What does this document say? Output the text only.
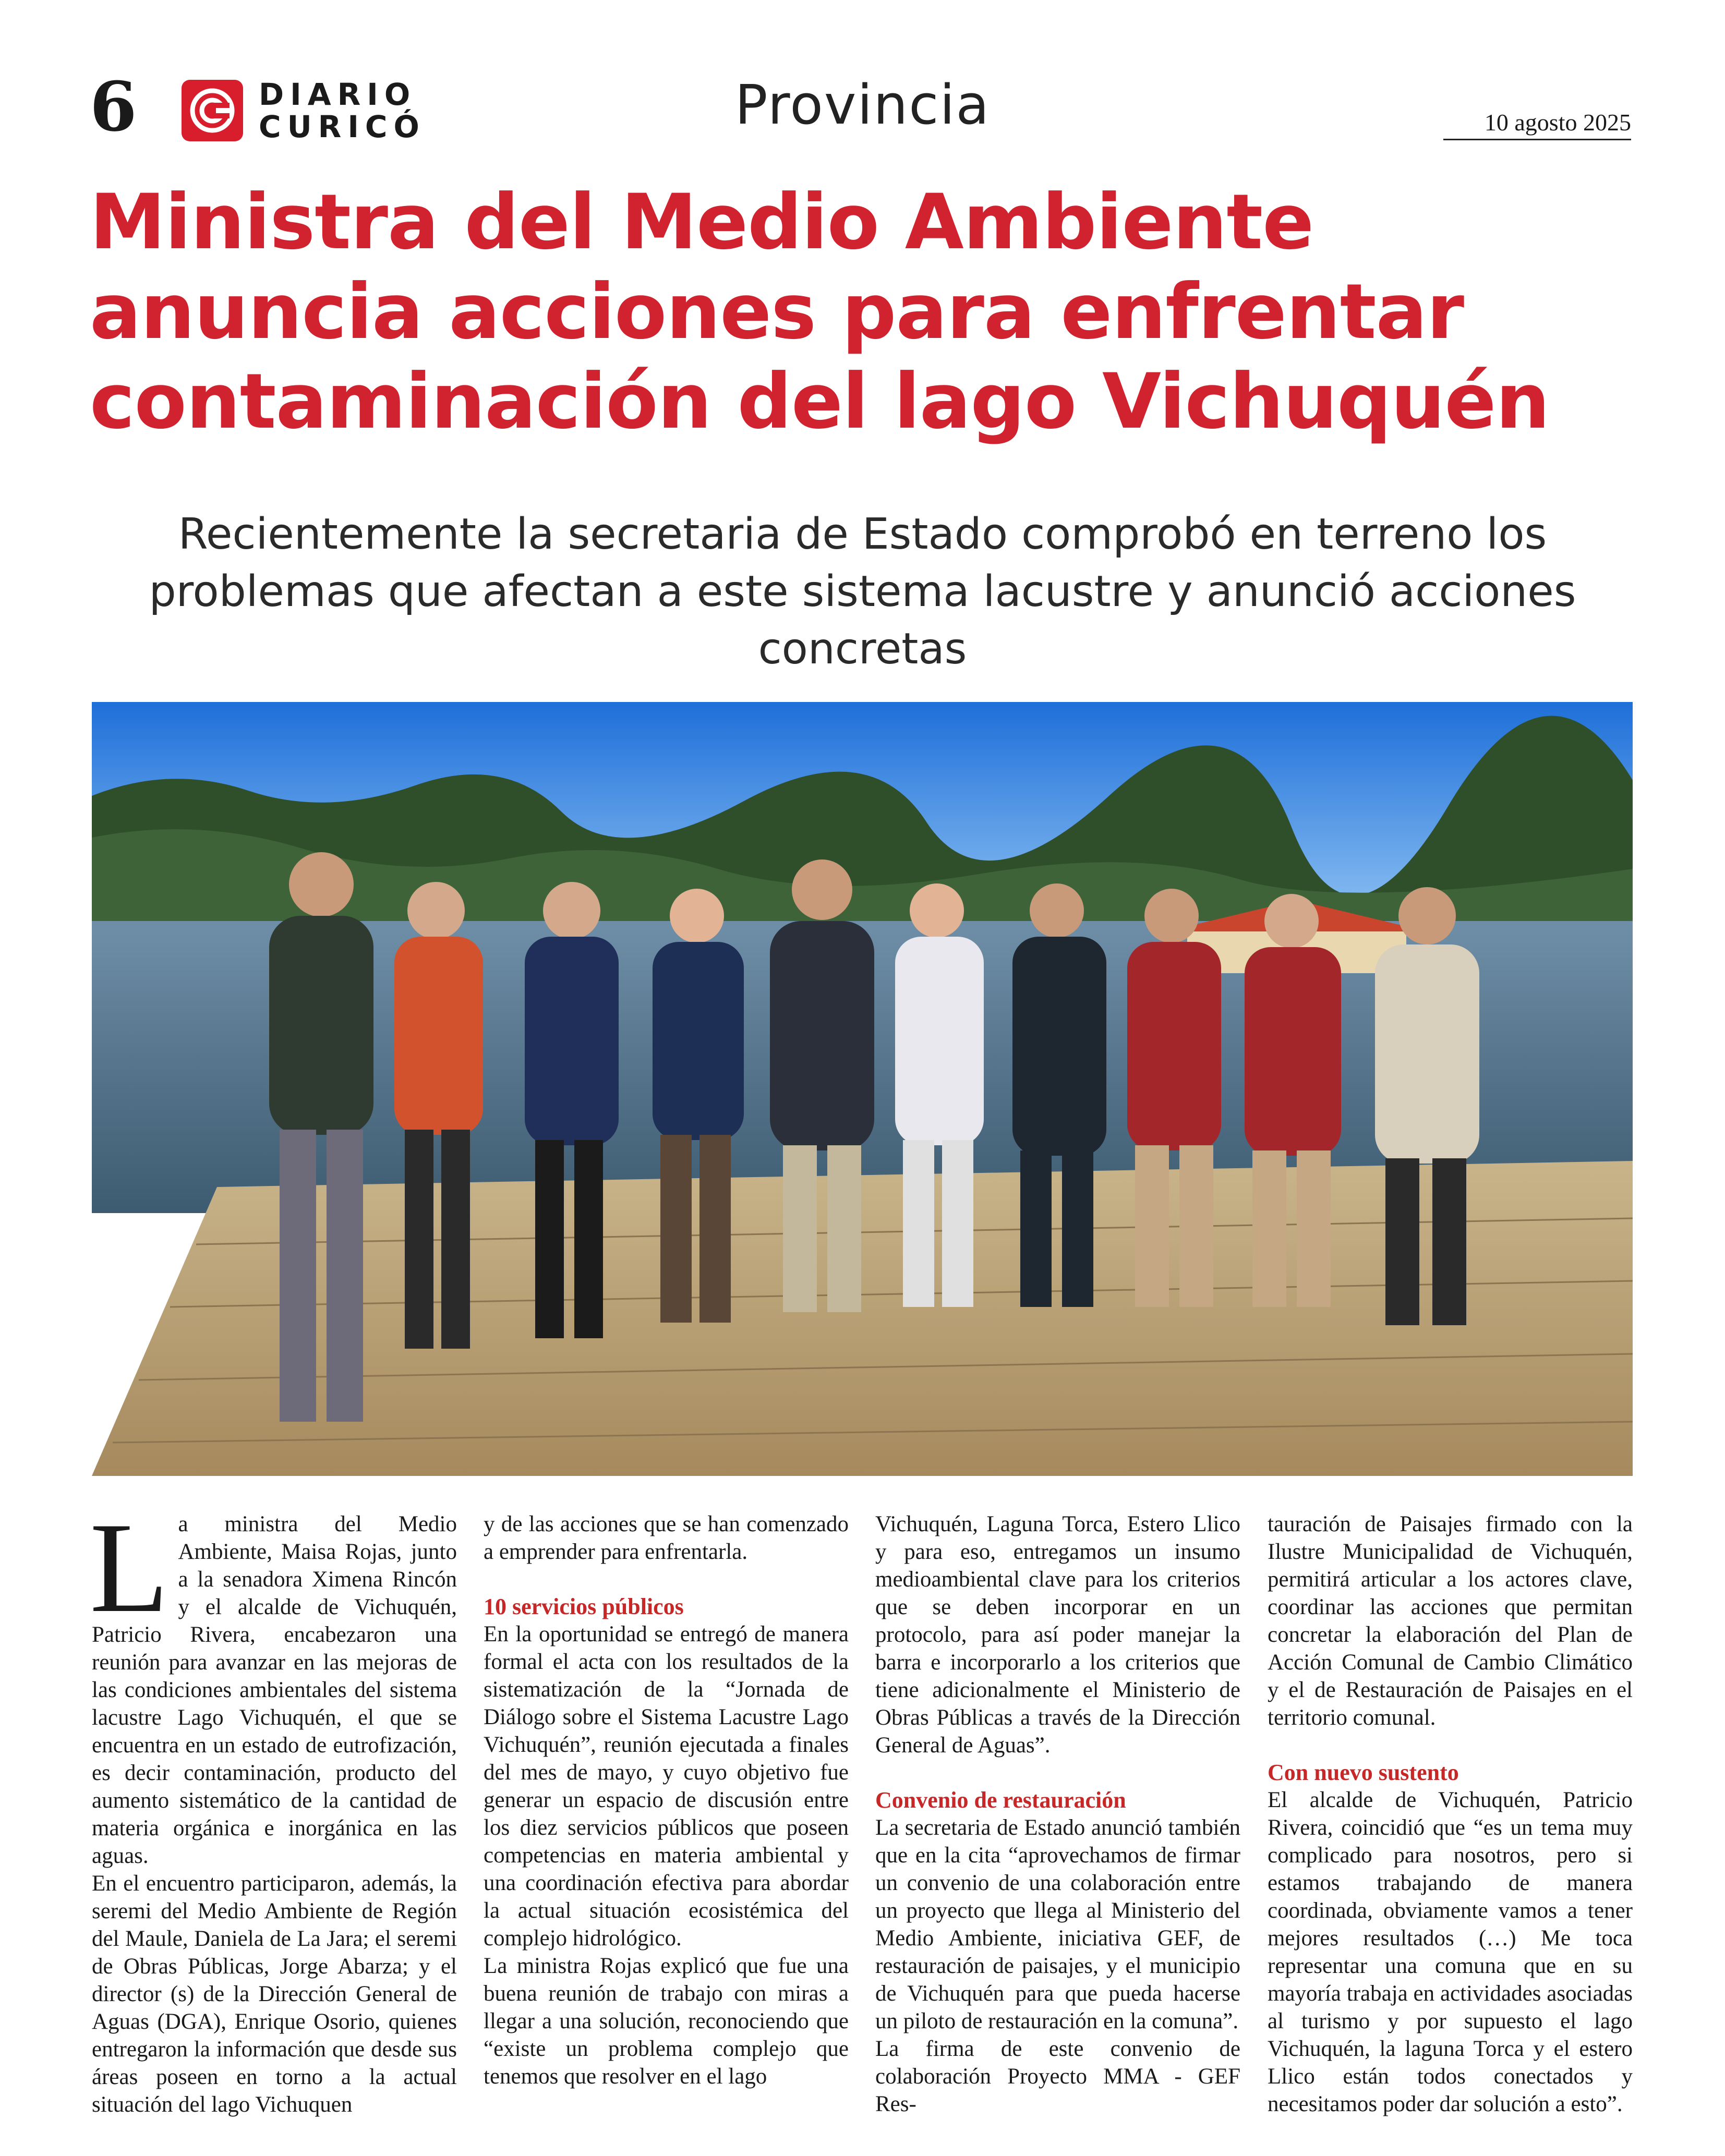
6	DIARIO
CURICÓ	Provincia	10 agosto 2025
Ministra del Medio Ambiente
anuncia acciones para enfrentar
contaminación del lago Vichuquén
Recientemente la secretaria de Estado comprobó en terreno los problemas que afectan a este sistema lacustre y anunció acciones concretas
L a ministra del Medio Ambiente, Maisa Rojas, junto a la senadora Ximena Rincón y el alcalde de Vichuquén, Patricio Rivera, encabezaron una reunión para avanzar en las mejoras de las condiciones ambientales del sistema lacustre Lago Vichuquén, el que se encuentra en un estado de eutrofización, es decir contaminación, producto del aumento sistemático de la cantidad de materia orgánica e inorgánica en las aguas.

En el encuentro participaron, además, la seremi del Medio Ambiente de Región del Maule, Daniela de La Jara; el seremi de Obras Públicas, Jorge Abarza; y el director (s) de la Dirección General de Aguas (DGA), Enrique Osorio, quienes entregaron la información que desde sus áreas poseen en torno a la actual situación del lago Vichuquen

y de las acciones que se han comenzado a emprender para enfrentarla.

10 servicios públicos

En la oportunidad se entregó de manera formal el acta con los resultados de la sistematización de la “Jornada de Diálogo sobre el Sistema Lacustre Lago Vichuquén”, reunión ejecutada a finales del mes de mayo, y cuyo objetivo fue generar un espacio de discusión entre los diez servicios públicos que poseen competencias en materia ambiental y una coordinación efectiva para abordar la actual situación ecosistémica del complejo hidrológico.

La ministra Rojas explicó que fue una buena reunión de trabajo con miras a llegar a una solución, reconociendo que “existe un problema complejo que tenemos que resolver en el lago

Vichuquén, Laguna Torca, Estero Llico y para eso, entregamos un insumo medioambiental clave para los criterios que se deben incorporar en un protocolo, para así poder manejar la barra e incorporarlo a los criterios que tiene adicionalmente el Ministerio de Obras Públicas a través de la Dirección General de Aguas”.

Convenio de restauración

La secretaria de Estado anunció también que en la cita “aprovechamos de firmar un convenio de una colaboración entre un proyecto que llega al Ministerio del Medio Ambiente, iniciativa GEF, de restauración de paisajes, y el municipio de Vichuquén para que pueda hacerse un piloto de restauración en la comuna”.

La firma de este convenio de colaboración Proyecto MMA - GEF Res-

tauración de Paisajes firmado con la Ilustre Municipalidad de Vichuquén, permitirá articular a los actores clave, coordinar las acciones que permitan concretar la elaboración del Plan de Acción Comunal de Cambio Climático y el de Restauración de Paisajes en el territorio comunal.

Con nuevo sustento

El alcalde de Vichuquén, Patricio Rivera, coincidió que “es un tema muy complicado para nosotros, pero si estamos trabajando de manera coordinada, obviamente vamos a tener mejores resultados (…) Me toca representar una comuna que en su mayoría trabaja en actividades asociadas al turismo y por supuesto el lago Vichuquén, la laguna Torca y el estero Llico están todos conectados y necesitamos poder dar solución a esto”.
